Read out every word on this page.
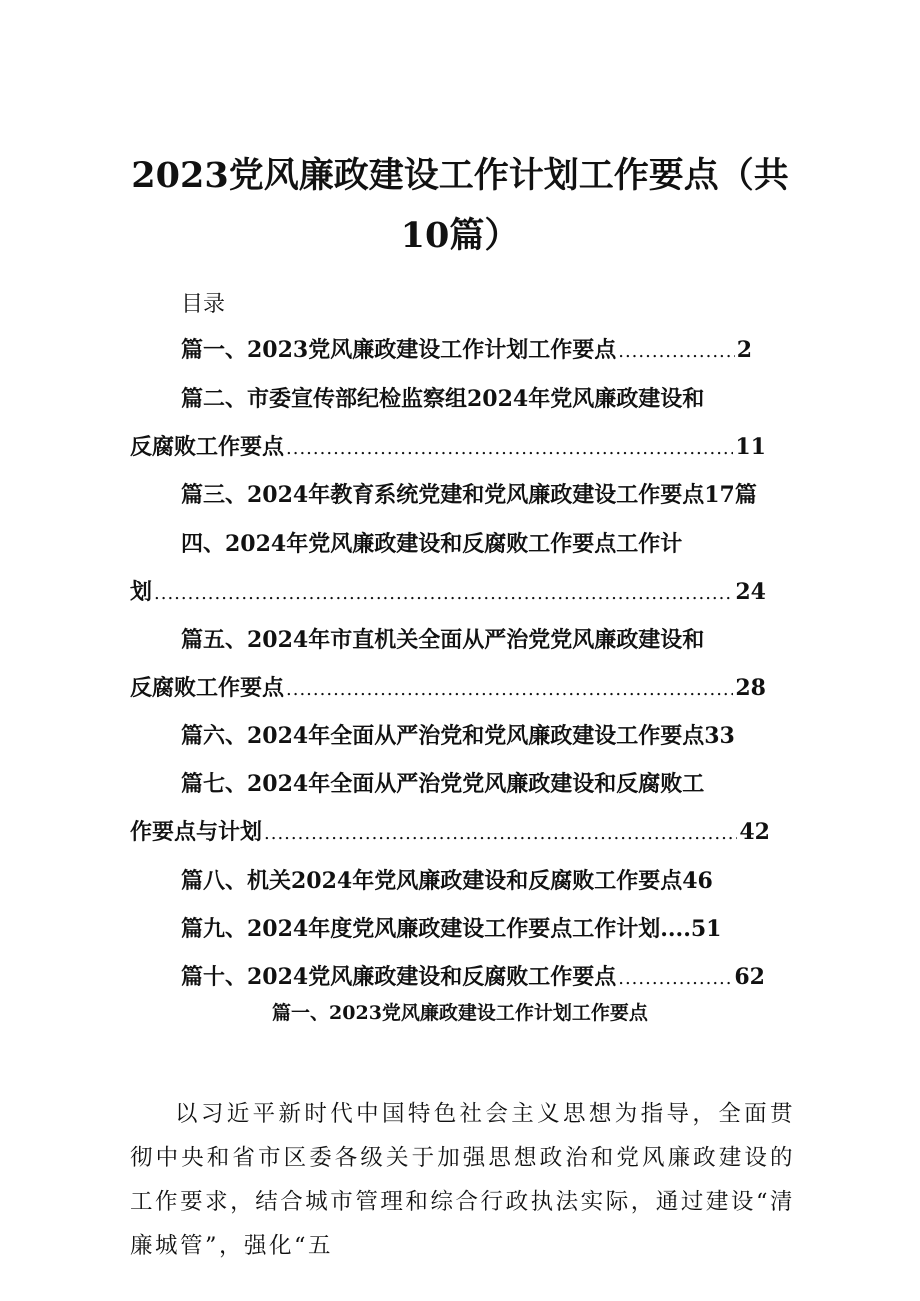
2023党风廉政建设工作计划工作要点（共
10篇）
目录
篇一、2023党风廉政建设工作计划工作要点 .....	2
篇二、市委宣传部纪检监察组2024年党风廉政建设和
反腐败工作要点 .....	11
篇三、2024年教育系统党建和党风廉政建设工作要点17篇
四、2024年党风廉政建设和反腐败工作要点工作计
划 .....	24
篇五、2024年市直机关全面从严治党党风廉政建设和
反腐败工作要点 .....	28
篇六、2024年全面从严治党和党风廉政建设工作要点33
篇七、2024年全面从严治党党风廉政建设和反腐败工
作要点与计划 .....	42
篇八、机关2024年党风廉政建设和反腐败工作要点46
篇九、2024年度党风廉政建设工作要点工作计划....51
篇十、2024党风廉政建设和反腐败工作要点 .....	62
篇一、2023党风廉政建设工作计划工作要点

以习近平新时代中国特色社会主义思想为指导，全面贯彻中央和省市区委各级关于加强思想政治和党风廉政建设的工作要求，结合城市管理和综合行政执法实际，通过建设“清廉城管”，强化“五
